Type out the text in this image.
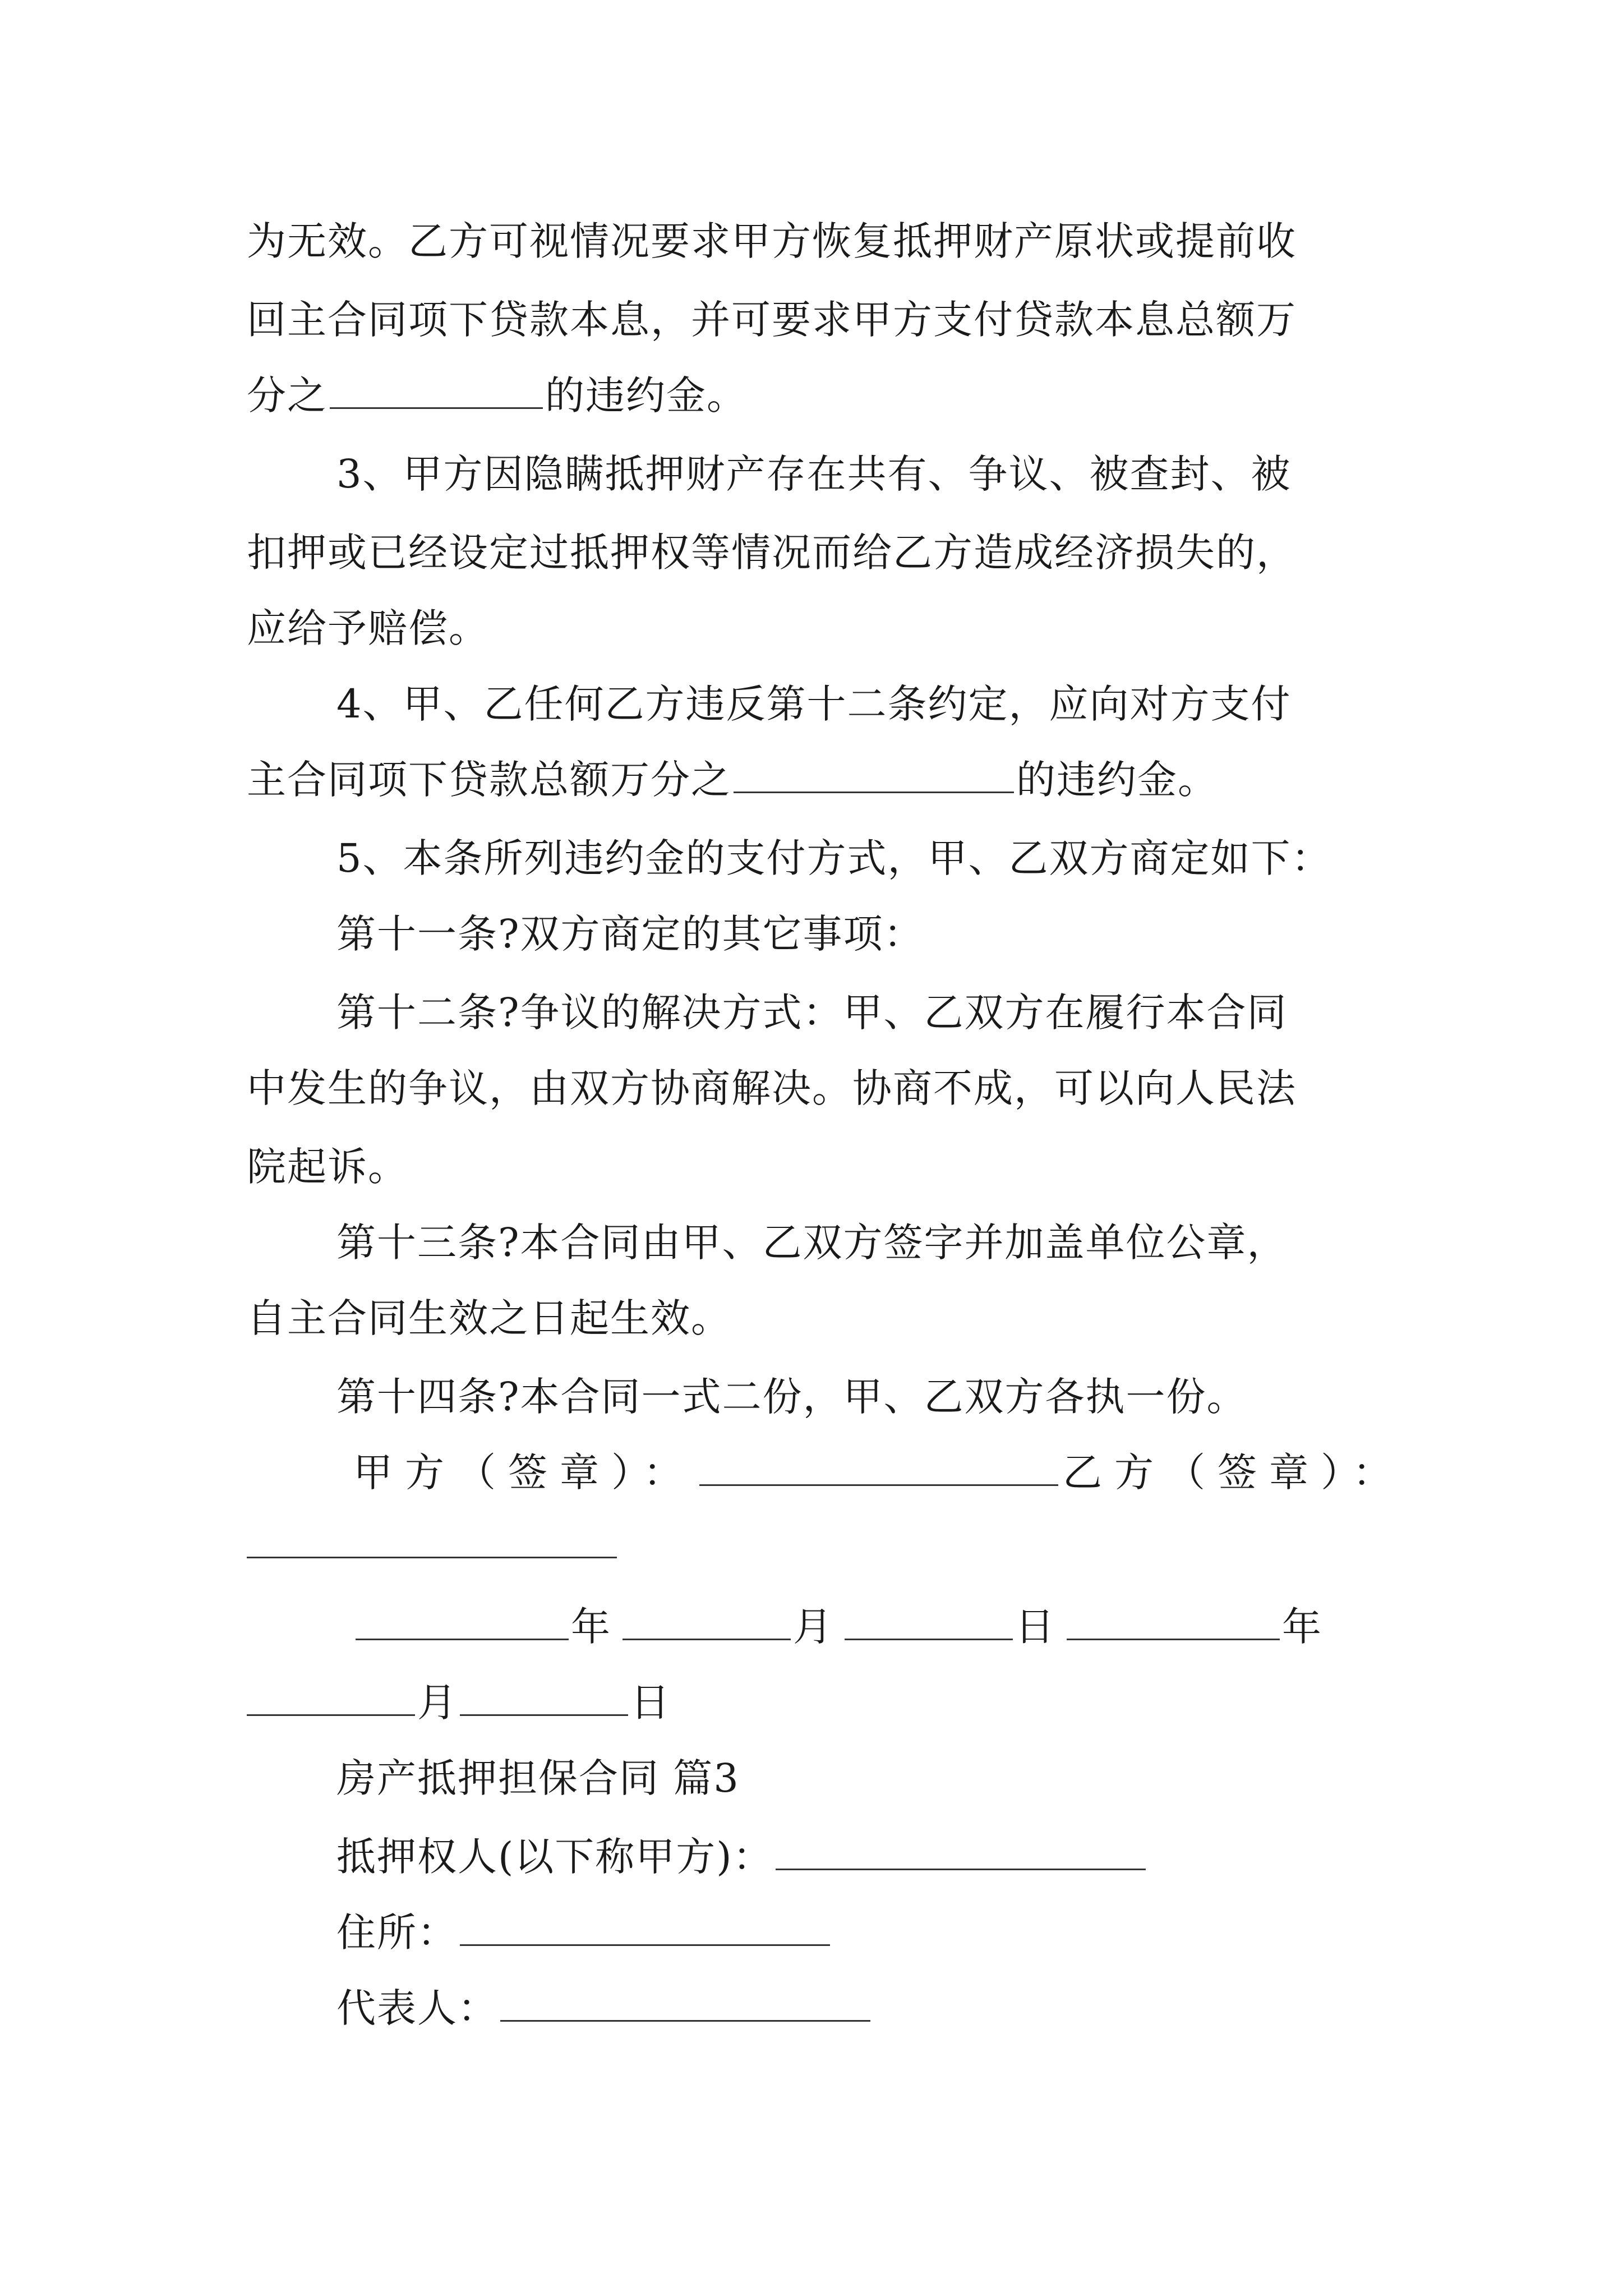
为无效。乙方可视情况要求甲方恢复抵押财产原状或提前收
回主合同项下贷款本息，并可要求甲方支付贷款本息总额万
分之	的违约金。
3、甲方因隐瞒抵押财产存在共有、争议、被查封、被
扣押或已经设定过抵押权等情况而给乙方造成经济损失的，
应给予赔偿。
4、甲、乙任何乙方违反第十二条约定，应向对方支付
主合同项下贷款总额万分之	的违约金。
5、本条所列违约金的支付方式，甲、乙双方商定如下：
第十一条?双方商定的其它事项：
第十二条?争议的解决方式：甲、乙双方在履行本合同
中发生的争议，由双方协商解决。协商不成，可以向人民法
院起诉。
第十三条?本合同由甲、乙双方签字并加盖单位公章，
自主合同生效之日起生效。
第十四条?本合同一式二份，甲、乙双方各执一份。
甲方（签章）：	乙方（签章）：
年	月	日	年
月	日
房产抵押担保合同 篇3
抵押权人(以下称甲方)：
住所：
代表人：
